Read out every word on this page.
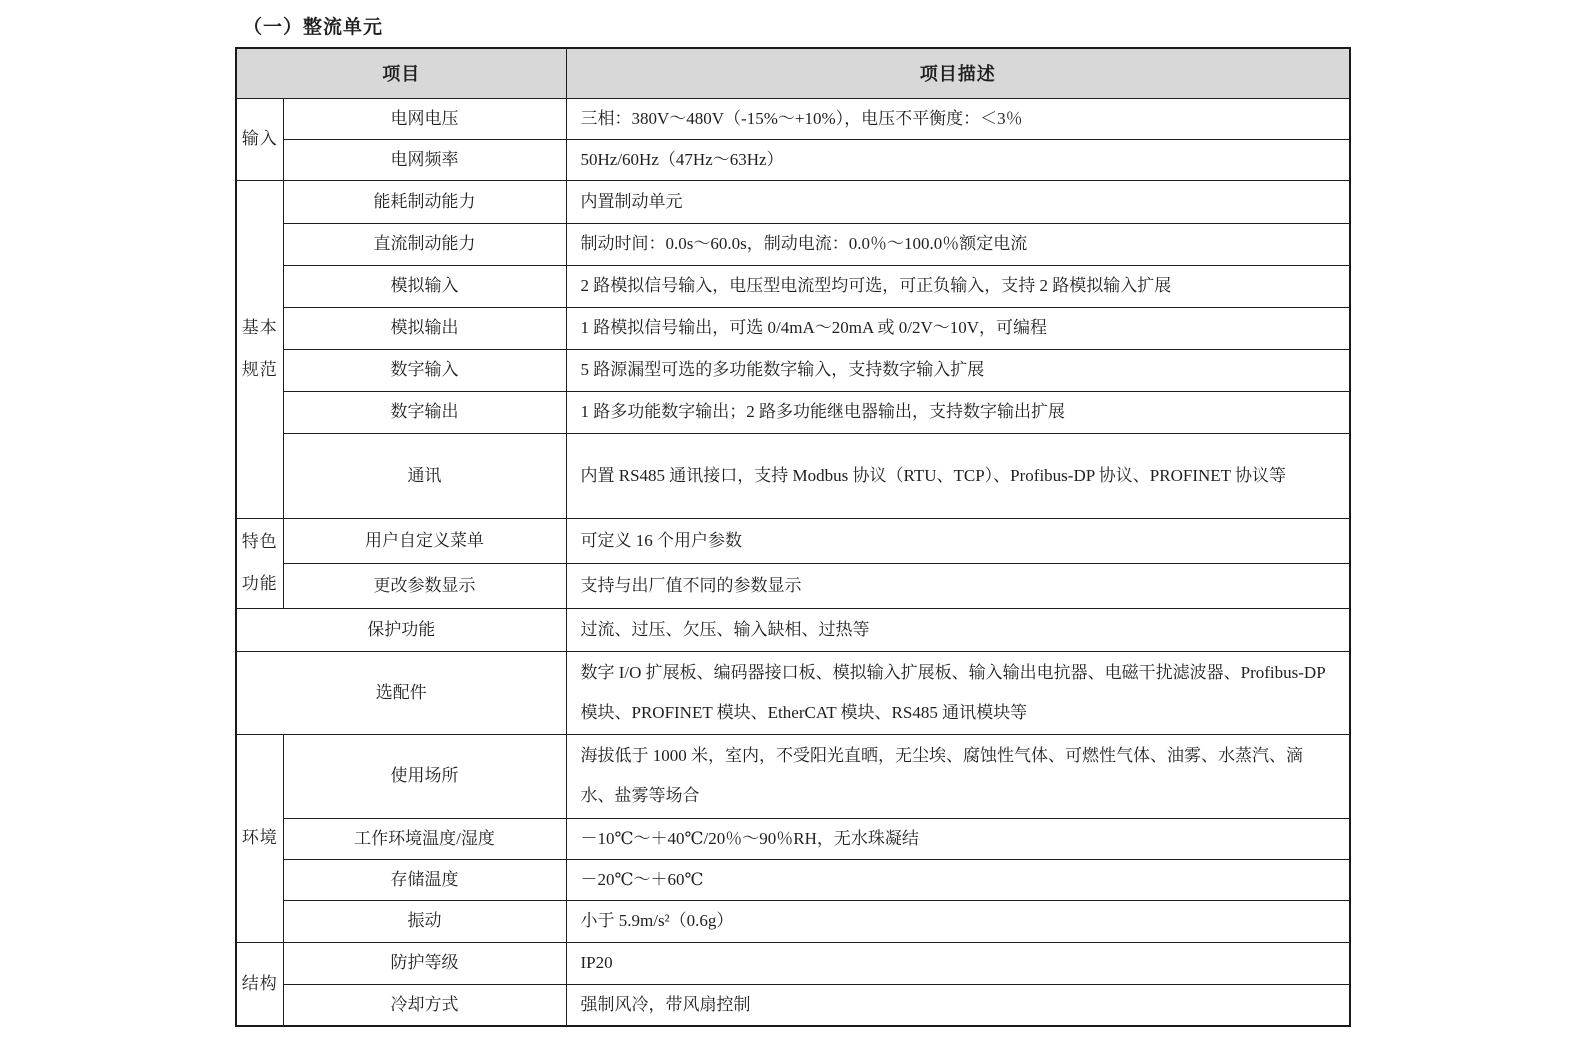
（一）整流单元
项目		项目描述
输入	电网电压	三相：380V～480V（-15%～+10%），电压不平衡度：＜3％
	电网频率	50Hz/60Hz（47Hz～63Hz）
基本规范	能耗制动能力	内置制动单元
	直流制动能力	制动时间：0.0s～60.0s，制动电流：0.0％～100.0％额定电流
	模拟输入	2 路模拟信号输入，电压型电流型均可选，可正负输入，支持 2 路模拟输入扩展
	模拟输出	1 路模拟信号输出，可选 0/4mA～20mA 或 0/2V～10V，可编程
	数字输入	5 路源漏型可选的多功能数字输入，支持数字输入扩展
	数字输出	1 路多功能数字输出；2 路多功能继电器输出，支持数字输出扩展
	通讯	内置 RS485 通讯接口，支持 Modbus 协议（RTU、TCP）、Profibus-DP 协议、PROFINET 协议等
特色功能	用户自定义菜单	可定义 16 个用户参数
	更改参数显示	支持与出厂值不同的参数显示
保护功能		过流、过压、欠压、输入缺相、过热等
选配件		数字 I/O 扩展板、编码器接口板、模拟输入扩展板、输入输出电抗器、电磁干扰滤波器、Profibus-DP 模块、PROFINET 模块、EtherCAT 模块、RS485 通讯模块等
环境	使用场所	海拔低于 1000 米，室内，不受阳光直晒，无尘埃、腐蚀性气体、可燃性气体、油雾、水蒸汽、滴水、盐雾等场合
	工作环境温度/湿度	－10℃～＋40℃/20％～90％RH，无水珠凝结
	存储温度	－20℃～＋60℃
	振动	小于 5.9m/s²（0.6g）
结构	防护等级	IP20
	冷却方式	强制风冷，带风扇控制
